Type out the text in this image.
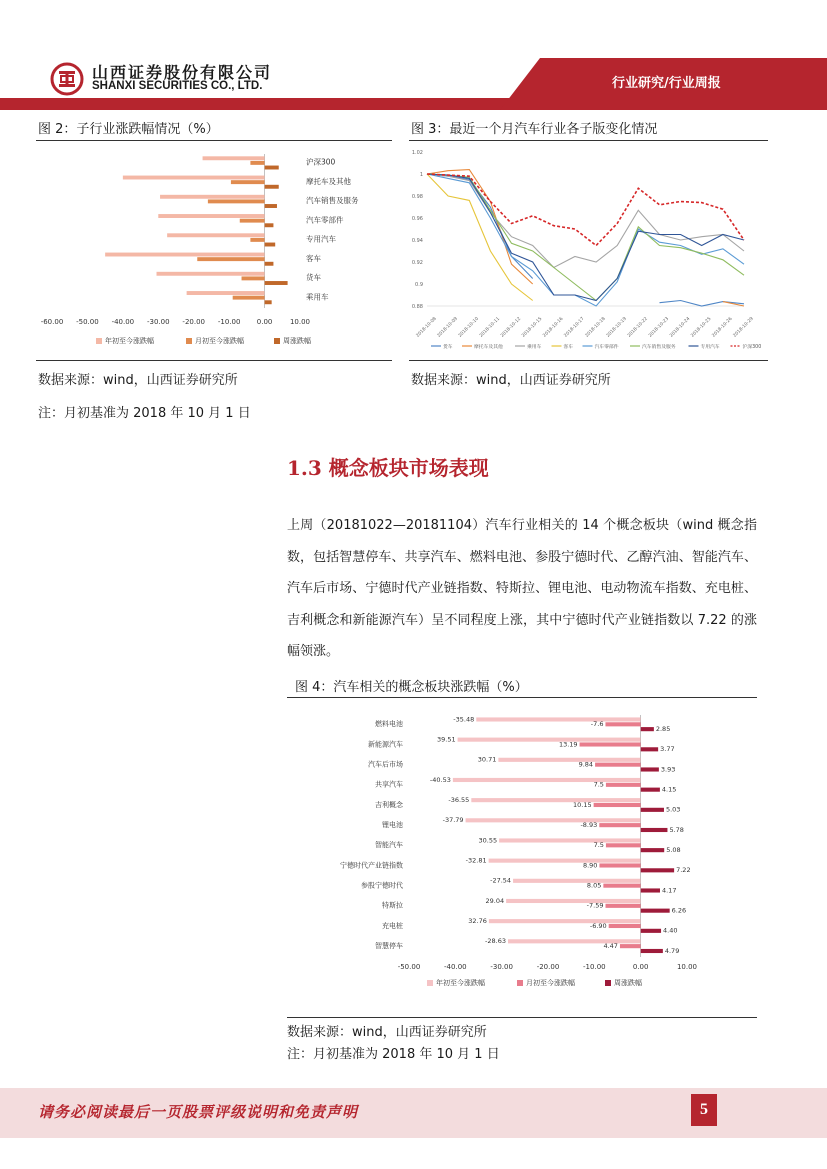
山西证券股份有限公司
SHANXI SECURITIES CO., LTD.	行业研究/行业周报
图 2：子行业涨跌幅情况（%）
沪深300
摩托车及其他
汽车销售及服务
汽车零部件
专用汽车
客车
货车
乘用车
-60.00 -50.00 -40.00 -30.00 -20.00 -10.00 0.00	10.00
年初至今涨跌幅	月初至今涨跌幅	周涨跌幅
数据来源：wind，山西证券研究所
注：月初基准为 2018 年 10 月 1 日
图 3：最近一个月汽车行业各子版变化情况
1.02
1
0.98
0.96
0.94
0.92
0.9
0.88
2018-10-08 2018-10-09 2018-10-10 2018-10-11 2018-10-12 2018-10-15 2018-10-16 2018-10-17 2018-10-18 2018-10-19 2018-10-22 2018-10-23 2018-10-24 2018-10-25 2018-10-26 2018-10-29
货车	摩托车及其他	乘用车	客车	汽车零部件	汽车销售及服务	专用汽车	沪深300
数据来源：wind，山西证券研究所
1.3 概念板块市场表现
上周（20181022—20181104）汽车行业相关的 14 个概念板块（wind 概念指数，包括智慧停车、共享汽车、燃料电池、参股宁德时代、乙醇汽油、智能汽车、汽车后市场、宁德时代产业链指数、特斯拉、锂电池、电动物流车指数、充电桩、吉利概念和新能源汽车）呈不同程度上涨，其中宁德时代产业链指数以 7.22 的涨幅领涨。
图 4：汽车相关的概念板块涨跌幅（%）
-35.48
-7.6
2.85
燃料电池
39.51
13.19
3.77
新能源汽车
30.71
9.84
3.93
汽车后市场
-40.53
7.5
4.15
共享汽车
-36.55
10.15
5.03
吉利概念
-37.79
-8.93
5.78
锂电池
30.55
7.5
5.08
智能汽车
-32.81
8.90
7.22
宁德时代产业链指数
-27.54
8.05
4.17
参股宁德时代
29.04
-7.59
6.26
特斯拉
32.76
-6.90
4.40
充电桩
-28.63
4.47
4.79
智慧停车
-50.00	-40.00	-30.00	-20.00	-10.00	0.00	10.00
年初至今涨跌幅	月初至今涨跌幅	周涨跌幅
数据来源：wind，山西证券研究所
注：月初基准为 2018 年 10 月 1 日
请务必阅读最后一页股票评级说明和免责声明	5
